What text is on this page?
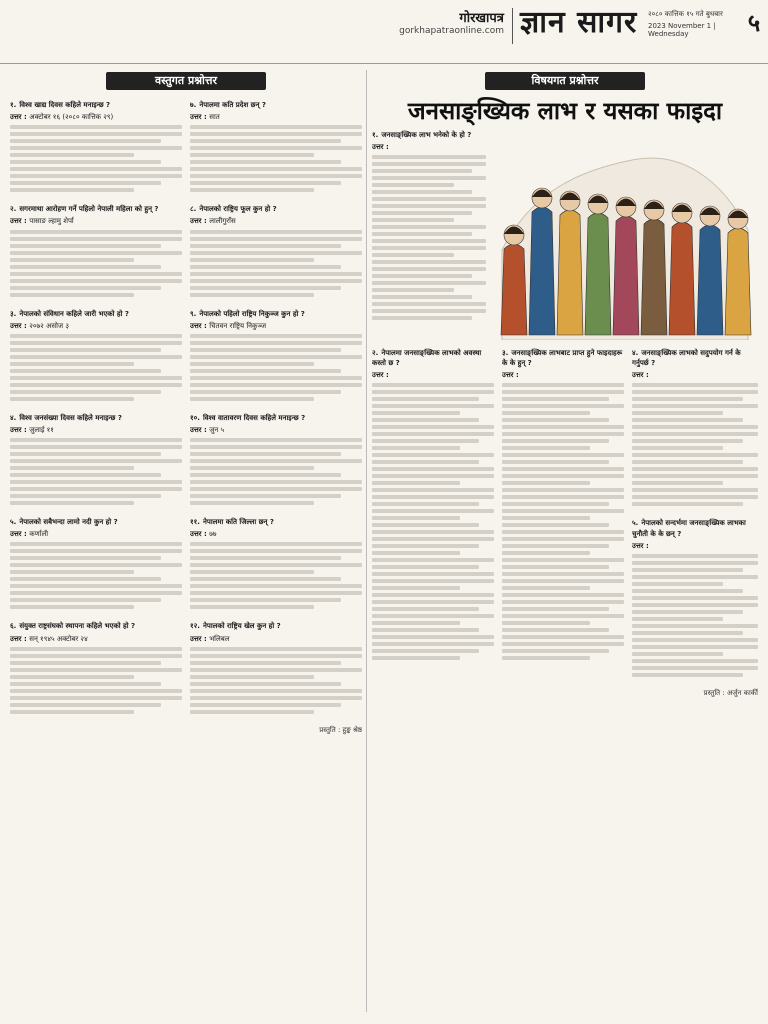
गोरखापत्र
gorkhapatraonline.com ज्ञान सागर	२०८० कात्तिक १५ गते बुधबार
2023 November 1 | Wednesday	५
वस्तुगत प्रश्नोत्तर
१. विश्व खाद्य दिवस कहिले मनाइन्छ ?
उत्तर : अक्टोबर १६ (२०८० कात्तिक २९)
२. सगरमाथा आरोहण गर्ने पहिलो नेपाली महिला को हुन् ?
उत्तर : पासाङ ल्हामु शेर्पा
३. नेपालको संविधान कहिले जारी भएको हो ?
उत्तर : २०७२ असोज ३
४. विश्व जनसंख्या दिवस कहिले मनाइन्छ ?
उत्तर : जुलाई ११
५. नेपालको सबैभन्दा लामो नदी कुन हो ?
उत्तर : कर्णाली
६. संयुक्त राष्ट्रसंघको स्थापना कहिले भएको हो ?
उत्तर : सन् १९४५ अक्टोबर २४
७. नेपालमा कति प्रदेश छन् ?
उत्तर : सात
८. नेपालको राष्ट्रिय फूल कुन हो ?
उत्तर : लालीगुराँस
९. नेपालको पहिलो राष्ट्रिय निकुञ्ज कुन हो ?
उत्तर : चितवन राष्ट्रिय निकुञ्ज
१०. विश्व वातावरण दिवस कहिले मनाइन्छ ?
उत्तर : जुन ५
११. नेपालमा कति जिल्ला छन् ?
उत्तर : ७७
१२. नेपालको राष्ट्रिय खेल कुन हो ?
उत्तर : भलिबल
प्रस्तुति : हुङ्क श्रेष्ठ
विषयगत प्रश्नोत्तर
जनसाङ्ख्यिक लाभ र यसका फाइदा
१. जनसाङ्ख्यिक लाभ भनेको के हो ?
उत्तर :
२. नेपालमा जनसाङ्ख्यिक लाभको अवस्था कस्तो छ ?
उत्तर :
३. जनसाङ्ख्यिक लाभबाट प्राप्त हुने फाइदाहरू के के हुन् ?
उत्तर :
४. जनसाङ्ख्यिक लाभको सदुपयोग गर्न के गर्नुपर्छ ?
उत्तर :
५. नेपालको सन्दर्भमा जनसाङ्ख्यिक लाभका चुनौती के के छन् ?
उत्तर :
प्रस्तुति : अर्जुन कार्की
